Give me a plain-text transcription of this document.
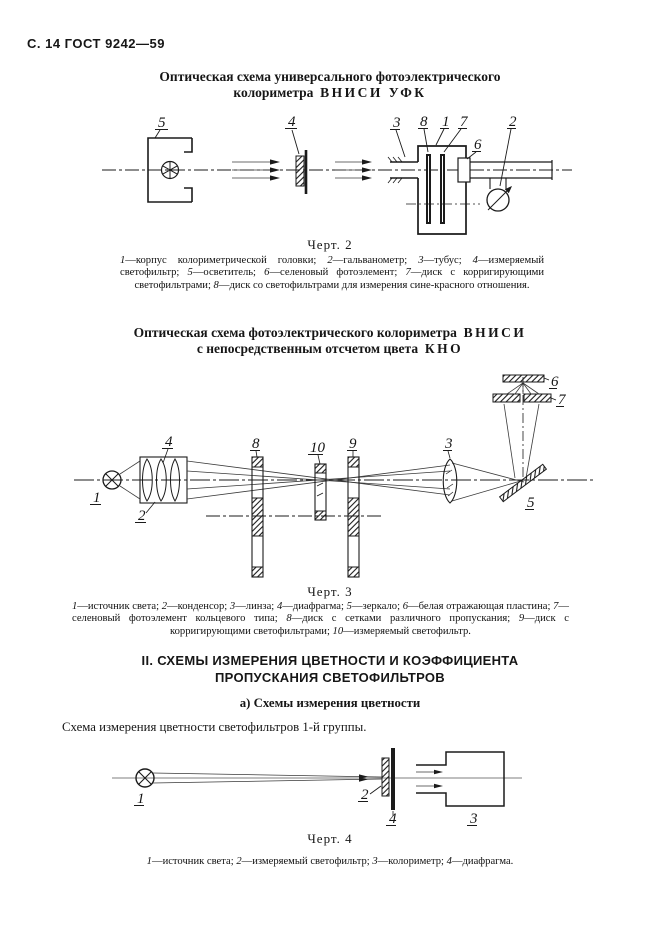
С. 14 ГОСТ 9242—59
Оптическая схема универсального фотоэлектрического
колориметра ВНИСИ УФК
5	4	3 8 1 7
6
2
Черт. 2
1—корпус колориметрической головки; 2—гальванометр; 3—тубус; 4—измеряемый светофильтр; 5—осветитель; 6—селеновый фотоэлемент; 7—диск с корригирующими светофильтрами; 8—диск со светофильтрами для измерения сине-красного отношения.
Оптическая схема фотоэлектрического колориметра ВНИСИ
с непосредственным отсчетом цвета КНО
1
2
4	8	10 9	3
5
6
7
Черт. 3
1—источник света; 2—конденсор; 3—линза; 4—диафрагма; 5—зеркало; 6—белая отражающая пластина; 7—селеновый фотоэлемент кольцевого типа; 8—диск с сетками различного пропускания; 9—диск с корригирующими светофильтрами; 10—измеряемый светофильтр.
II. СХЕМЫ ИЗМЕРЕНИЯ ЦВЕТНОСТИ И КОЭФФИЦИЕНТА
ПРОПУСКАНИЯ СВЕТОФИЛЬТРОВ
а) Схемы измерения цветности
Схема измерения цветности светофильтров 1-й группы.
1	2
4	3
Черт. 4
1—источник света; 2—измеряемый светофильтр; 3—колориметр; 4—диафрагма.
